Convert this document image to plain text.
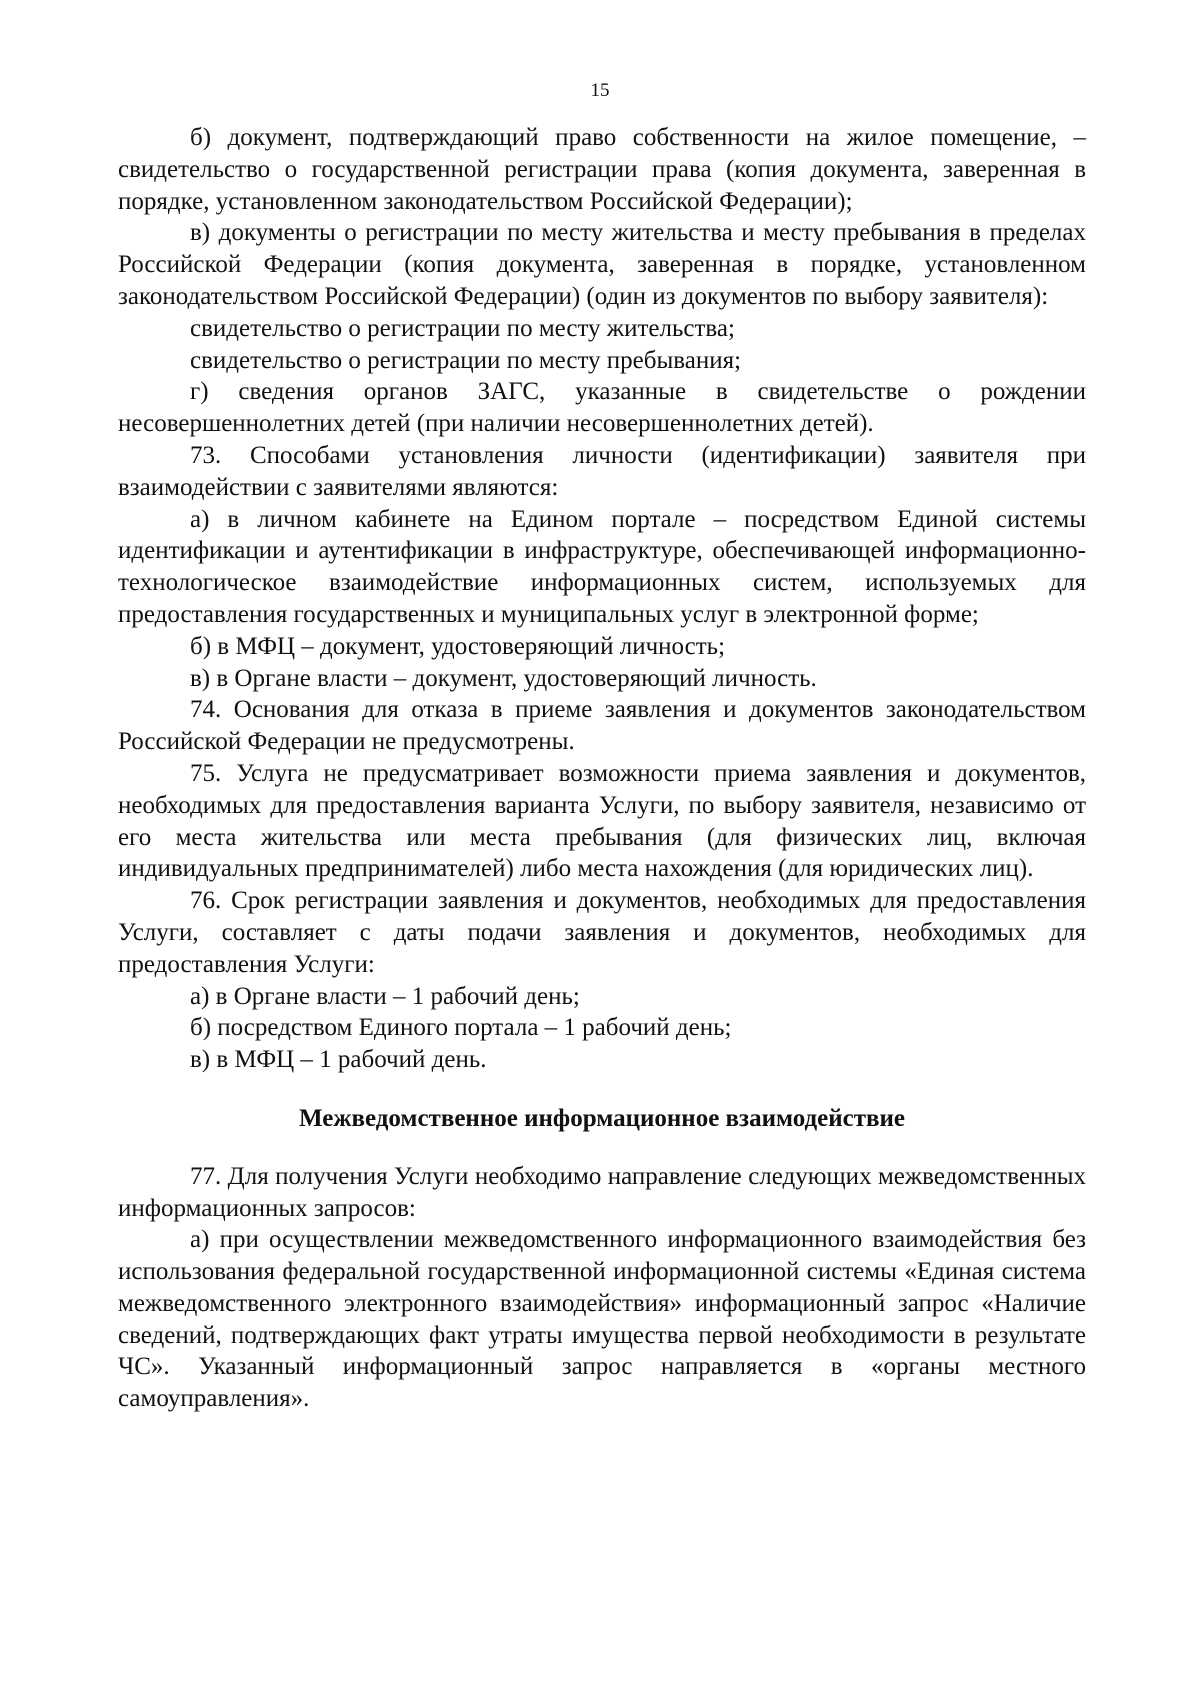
15

б) документ, подтверждающий право собственности на жилое помещение, – свидетельство о государственной регистрации права (копия документа, заверенная в порядке, установленном законодательством Российской Федерации);

в) документы о регистрации по месту жительства и месту пребывания в пределах Российской Федерации (копия документа, заверенная в порядке, установленном законодательством Российской Федерации) (один из документов по выбору заявителя):

свидетельство о регистрации по месту жительства;

свидетельство о регистрации по месту пребывания;

г) сведения органов ЗАГС, указанные в свидетельстве о рождении несовершеннолетних детей (при наличии несовершеннолетних детей).

73. Способами установления личности (идентификации) заявителя при взаимодействии с заявителями являются:

а) в личном кабинете на Едином портале – посредством Единой системы идентификации и аутентификации в инфраструктуре, обеспечивающей информационно-технологическое взаимодействие информационных систем, используемых для предоставления государственных и муниципальных услуг в электронной форме;

б) в МФЦ – документ, удостоверяющий личность;

в) в Органе власти – документ, удостоверяющий личность.

74. Основания для отказа в приеме заявления и документов законодательством Российской Федерации не предусмотрены.

75. Услуга не предусматривает возможности приема заявления и документов, необходимых для предоставления варианта Услуги, по выбору заявителя, независимо от его места жительства или места пребывания (для физических лиц, включая индивидуальных предпринимателей) либо места нахождения (для юридических лиц).

76. Срок регистрации заявления и документов, необходимых для предоставления Услуги, составляет с даты подачи заявления и документов, необходимых для предоставления Услуги:

а) в Органе власти – 1 рабочий день;

б) посредством Единого портала – 1 рабочий день;

в) в МФЦ – 1 рабочий день.

Межведомственное информационное взаимодействие

77. Для получения Услуги необходимо направление следующих межведомственных информационных запросов:

а) при осуществлении межведомственного информационного взаимодействия без использования федеральной государственной информационной системы «Единая система межведомственного электронного взаимодействия» информационный запрос «Наличие сведений, подтверждающих факт утраты имущества первой необходимости в результате ЧС». Указанный информационный запрос направляется в «органы местного самоуправления».
